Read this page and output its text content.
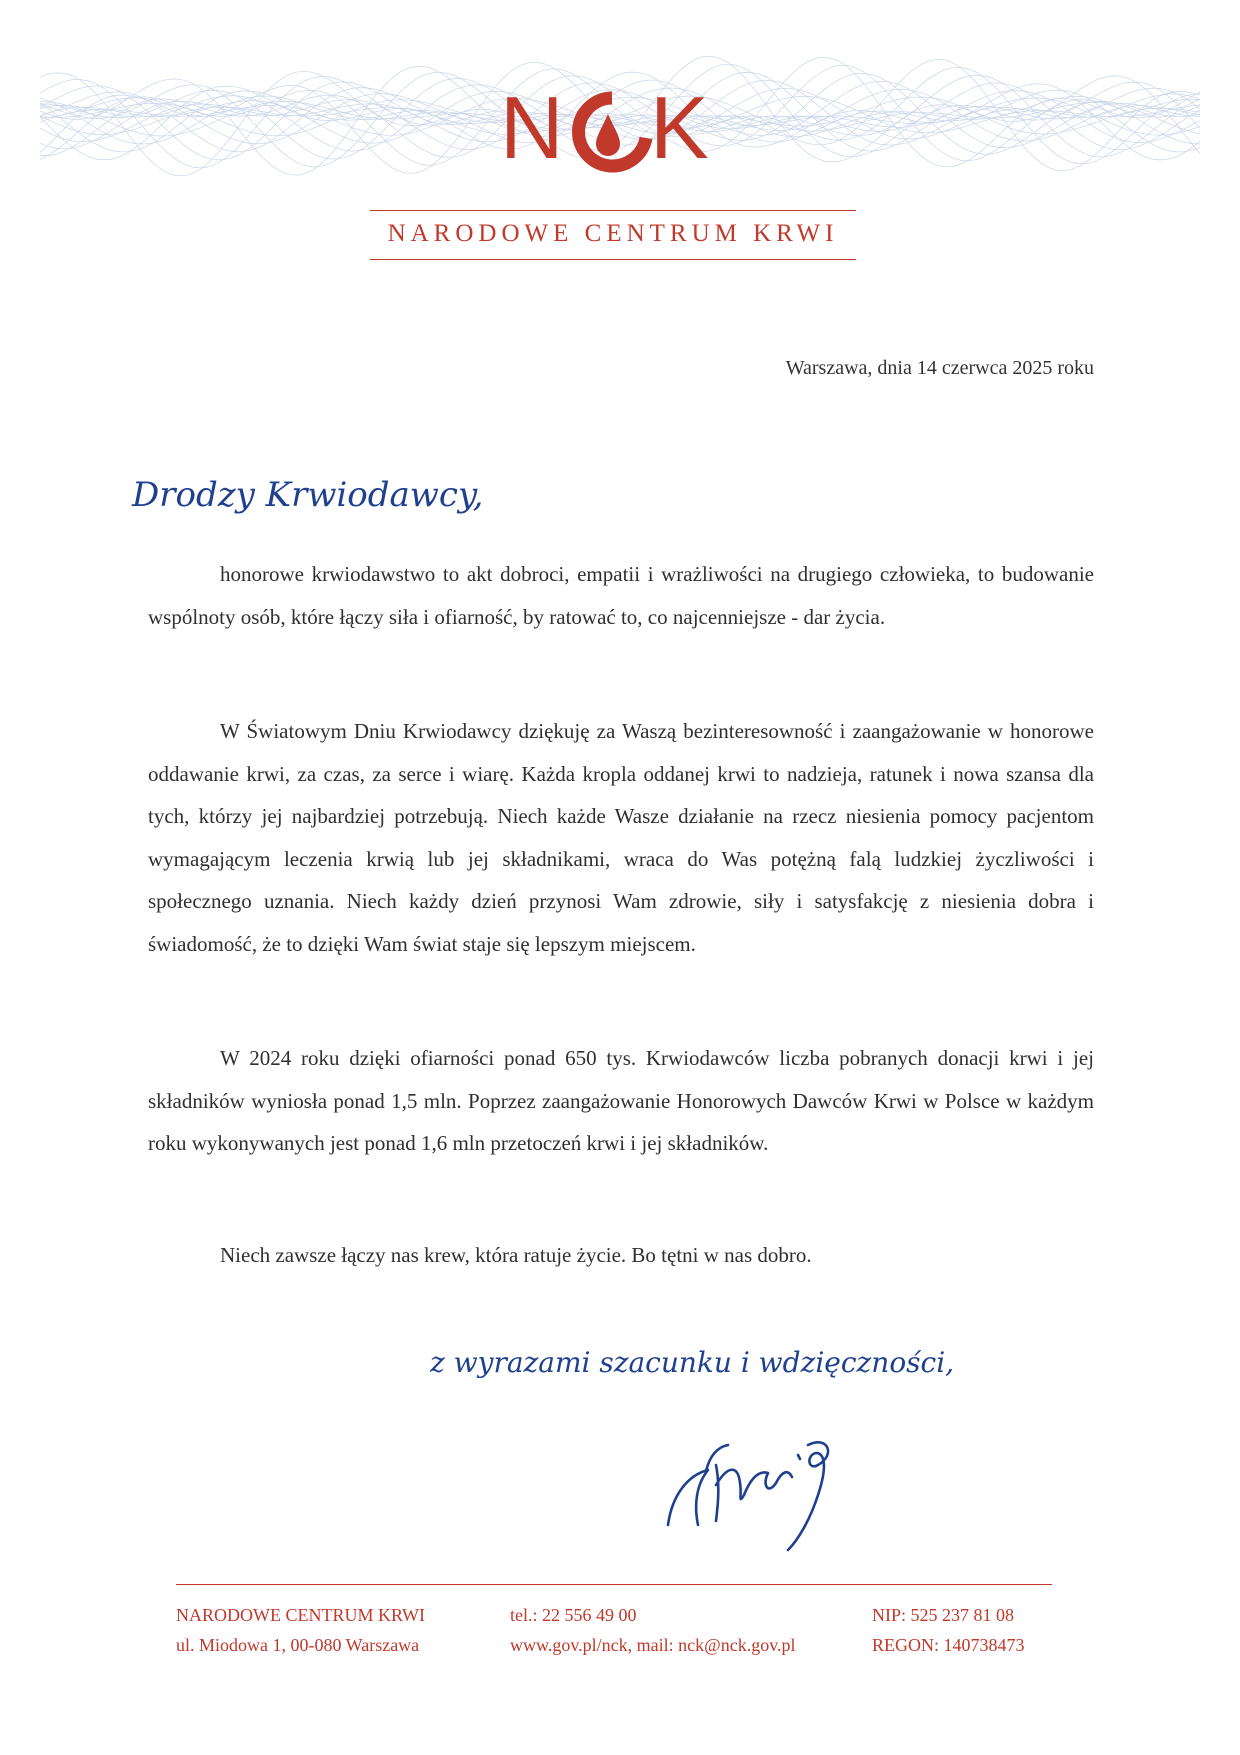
N K
NARODOWE CENTRUM KRWI
Warszawa, dnia 14 czerwca 2025 roku
Drodzy Krwiodawcy,

honorowe krwiodawstwo to akt dobroci, empatii i wrażliwości na drugiego człowieka, to budowanie wspólnoty osób, które łączy siła i ofiarność, by ratować to, co najcenniejsze - dar życia.

W Światowym Dniu Krwiodawcy dziękuję za Waszą bezinteresowność i zaangażowanie w honorowe oddawanie krwi, za czas, za serce i wiarę. Każda kropla oddanej krwi to nadzieja, ratunek i nowa szansa dla tych, którzy jej najbardziej potrzebują. Niech każde Wasze działanie na rzecz niesienia pomocy pacjentom wymagającym leczenia krwią lub jej składnikami, wraca do Was potężną falą ludzkiej życzliwości i społecznego uznania. Niech każdy dzień przynosi Wam zdrowie, siły i satysfakcję z niesienia dobra i świadomość, że to dzięki Wam świat staje się lepszym miejscem.

W 2024 roku dzięki ofiarności ponad 650 tys. Krwiodawców liczba pobranych donacji krwi i jej składników wyniosła ponad 1,5 mln. Poprzez zaangażowanie Honorowych Dawców Krwi w Polsce w każdym roku wykonywanych jest ponad 1,6 mln przetoczeń krwi i jej składników.

Niech zawsze łączy nas krew, która ratuje życie. Bo tętni w nas dobro.

z wyrazami szacunku i wdzięczności,
NARODOWE CENTRUM KRWI
ul. Miodowa 1, 00-080 Warszawa
tel.: 22 556 49 00
www.gov.pl/nck, mail: nck@nck.gov.pl
NIP: 525 237 81 08
REGON: 140738473
